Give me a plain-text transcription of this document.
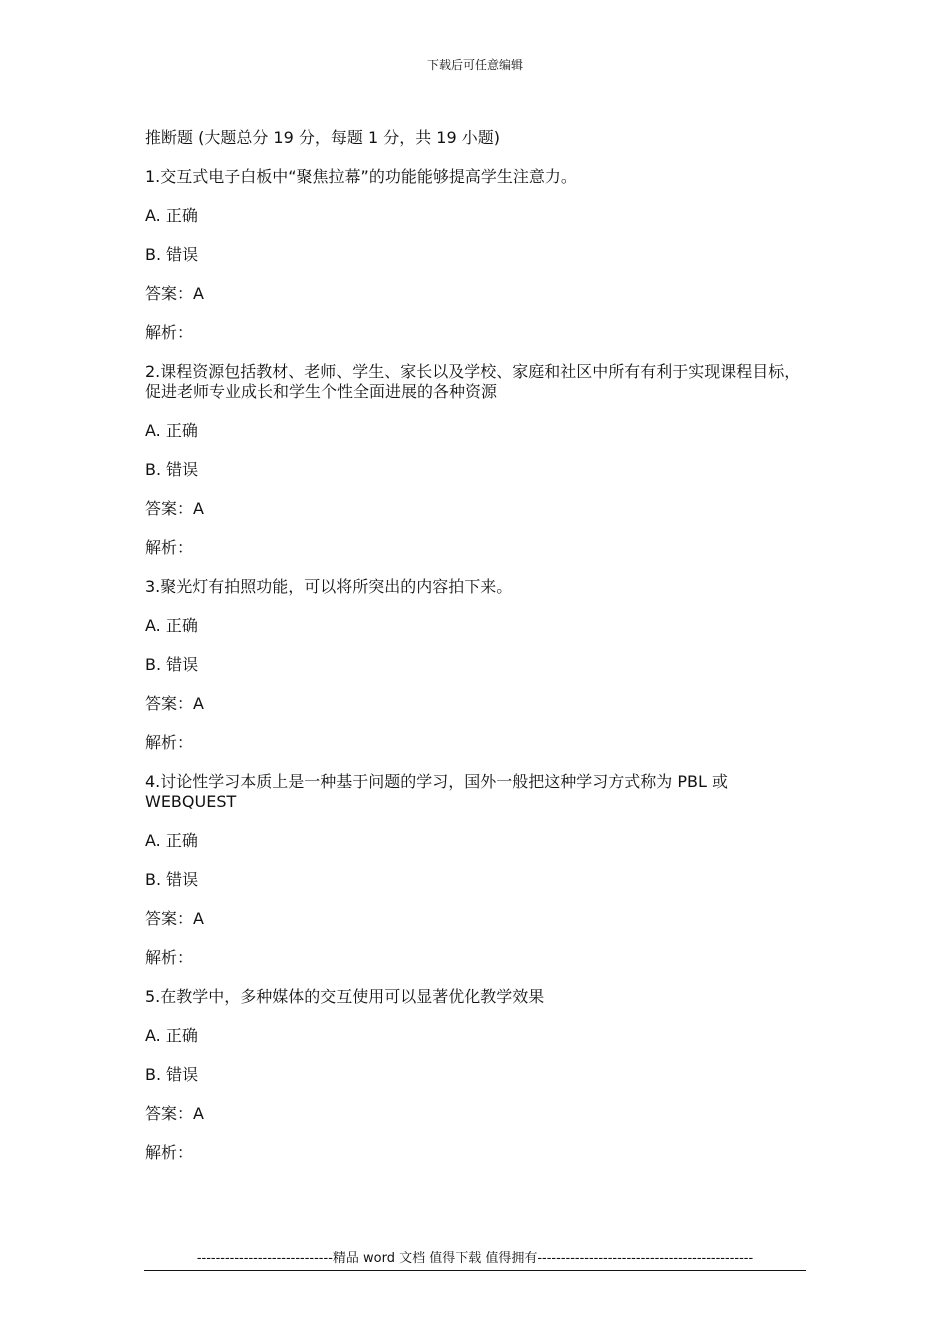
下载后可任意编辑
推断题 (大题总分 19 分，每题 1 分，共 19 小题)
1.交互式电子白板中“聚焦拉幕”的功能能够提高学生注意力。
A. 正确
B. 错误
答案：A
解析：
2.课程资源包括教材、老师、学生、家长以及学校、家庭和社区中所有有利于实现课程目标，促进老师专业成长和学生个性全面进展的各种资源
A. 正确
B. 错误
答案：A
解析：
3.聚光灯有拍照功能，可以将所突出的内容拍下来。
A. 正确
B. 错误
答案：A
解析：
4.讨论性学习本质上是一种基于问题的学习，国外一般把这种学习方式称为 PBL 或 WEBQUEST
A. 正确
B. 错误
答案：A
解析：
5.在教学中，多种媒体的交互使用可以显著优化教学效果
A. 正确
B. 错误
答案：A
解析：
-----------------------------精品 word 文档 值得下载 值得拥有----------------------------------------------
